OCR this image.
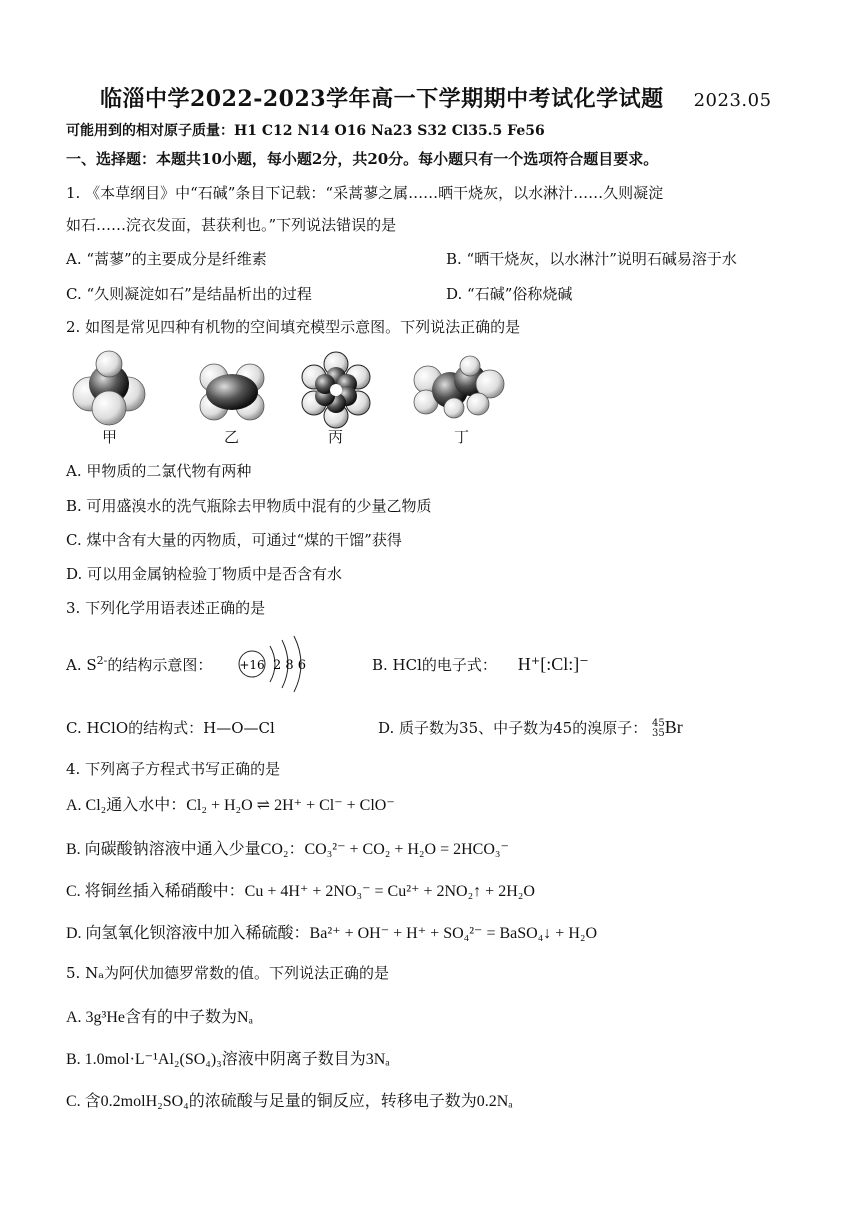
临淄中学2022-2023学年高一下学期期中考试化学试题 2023.05
可能用到的相对原子质量：H1 C12 N14 O16 Na23 S32 Cl35.5 Fe56
一、选择题：本题共10小题，每小题2分，共20分。每小题只有一个选项符合题目要求。
1. 《本草纲目》中“石碱”条目下记载：“采蒿蓼之属……晒干烧灰，以水淋汁……久则凝淀
如石……浣衣发面，甚获利也。”下列说法错误的是
A. “蒿蓼”的主要成分是纤维素	B. “晒干烧灰，以水淋汁”说明石碱易溶于水
C. “久则凝淀如石”是结晶析出的过程	D. “石碱”俗称烧碱
2. 如图是常见四种有机物的空间填充模型示意图。下列说法正确的是
甲	乙	丙	丁
A. 甲物质的二氯代物有两种
B. 可用盛溴水的洗气瓶除去甲物质中混有的少量乙物质
C. 煤中含有大量的丙物质，可通过“煤的干馏”获得
D. 可以用金属钠检验丁物质中是否含有水
3. 下列化学用语表述正确的是
A. $S^{2-}$的结构示意图： +16 2 8 6	B. HCl的电子式： H⁺[:Cl:]⁻
C. HClO的结构式：H—O—Cl	D. 质子数为35、中子数为45的溴原子： 45
35Br
4. 下列离子方程式书写正确的是
A. Cl₂通入水中：Cl₂ + H₂O ⇌ 2H⁺ + Cl⁻ + ClO⁻
B. 向碳酸钠溶液中通入少量CO₂：CO₃²⁻ + CO₂ + H₂O = 2HCO₃⁻
C. 将铜丝插入稀硝酸中：Cu + 4H⁺ + 2NO₃⁻ = Cu²⁺ + 2NO₂↑ + 2H₂O
D. 向氢氧化钡溶液中加入稀硫酸：Ba²⁺ + OH⁻ + H⁺ + SO₄²⁻ = BaSO₄↓ + H₂O
5. Nₐ为阿伏加德罗常数的值。下列说法正确的是
A. 3g³He含有的中子数为Nₐ
B. 1.0mol·L⁻¹Al₂(SO₄)₃溶液中阴离子数目为3Nₐ
C. 含0.2molH₂SO₄的浓硫酸与足量的铜反应，转移电子数为0.2Nₐ
